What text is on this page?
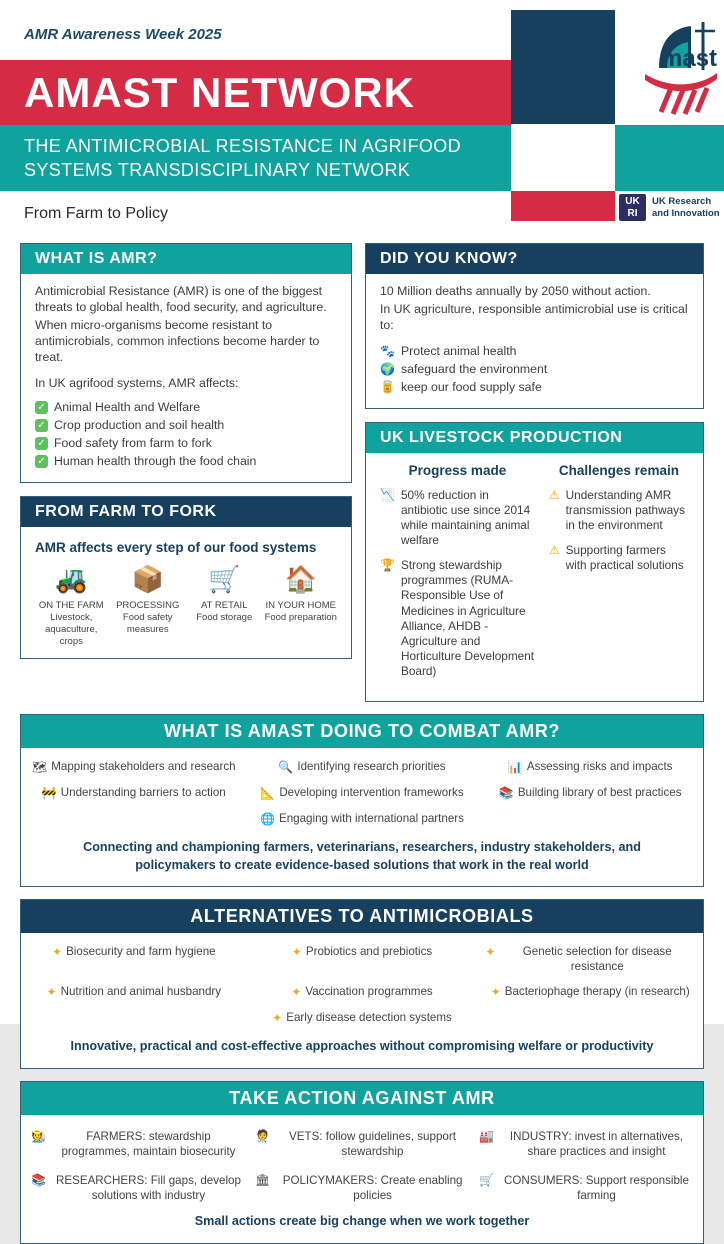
AMR Awareness Week 2025
AMAST NETWORK
THE ANTIMICROBIAL RESISTANCE IN AGRIFOOD SYSTEMS TRANSDISCIPLINARY NETWORK
From Farm to Policy
mast
UK
RI
UK Research
and Innovation
WHAT IS AMR?

Antimicrobial Resistance (AMR) is one of the biggest threats to global health, food security, and agriculture.

When micro-organisms become resistant to antimicrobials, common infections become harder to treat.

In UK agrifood systems, AMR affects:

✓ Animal Health and Welfare
✓ Crop production and soil health
✓ Food safety from farm to fork
✓ Human health through the food chain
FROM FARM TO FORK
AMR affects every step of our food systems
🚜
ON THE FARM
Livestock, aquaculture, crops
📦
PROCESSING
Food safety measures
🛒
AT RETAIL
Food storage
🏠
IN YOUR HOME
Food preparation
DID YOU KNOW?

10 Million deaths annually by 2050 without action.

In UK agriculture, responsible antimicrobial use is critical to:

🐾 Protect animal health
🌍 safeguard the environment
🥫 keep our food supply safe
UK LIVESTOCK PRODUCTION
Progress made
📉 50% reduction in antibiotic use since 2014 while maintaining animal welfare
🏆 Strong stewardship programmes (RUMA- Responsible Use of Medicines in Agriculture Alliance, AHDB - Agriculture and Horticulture Development Board)
Challenges remain
⚠ Understanding AMR transmission pathways in the environment
⚠ Supporting farmers with practical solutions
WHAT IS AMAST DOING TO COMBAT AMR?
🗺 Mapping stakeholders and research	🔍 Identifying research priorities	📊 Assessing risks and impacts
🚧 Understanding barriers to action	📐 Developing intervention frameworks	📚 Building library of best practices
🌐 Engaging with international partners
Connecting and championing farmers, veterinarians, researchers, industry stakeholders, and policymakers to create evidence-based solutions that work in the real world
ALTERNATIVES TO ANTIMICROBIALS
✦ Biosecurity and farm hygiene	✦ Probiotics and prebiotics	✦	Genetic selection for disease resistance
✦ Nutrition and animal husbandry	✦ Vaccination programmes	✦ Bacteriophage therapy (in research)
✦ Early disease detection systems
Innovative, practical and cost-effective approaches without compromising welfare or productivity
TAKE ACTION AGAINST AMR
🧑‍🌾	FARMERS: stewardship programmes, maintain biosecurity
🧑‍⚕️	VETS: follow guidelines, support stewardship
🏭	INDUSTRY: invest in alternatives, share practices and insight
📚 RESEARCHERS: Fill gaps, develop solutions with industry
🏛	POLICYMAKERS: Create enabling policies
🛒 CONSUMERS: Support responsible farming
Small actions create big change when we work together
